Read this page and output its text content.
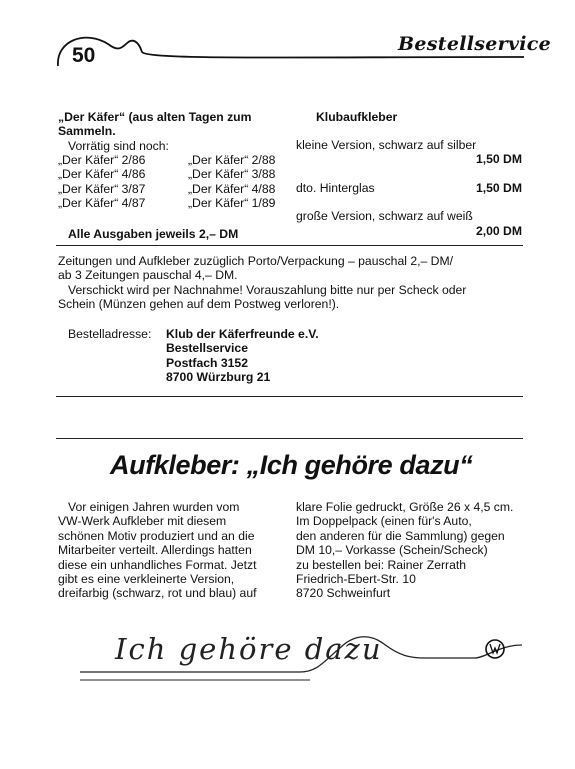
50	Bestellservice
„Der Käfer“ (aus alten Tagen zum
Sammeln.
Vorrätig sind noch:
„Der Käfer“ 2/86
„Der Käfer“ 4/86
„Der Käfer“ 3/87
„Der Käfer“ 4/87
„Der Käfer“ 2/88
„Der Käfer“ 3/88
„Der Käfer“ 4/88
„Der Käfer“ 1/89
Alle Ausgaben jeweils 2,– DM
Klubaufkleber
kleine Version, schwarz auf silber
1,50 DM
dto. Hinterglas	1,50 DM
große Version, schwarz auf weiß
2,00 DM
Zeitungen und Aufkleber zuzüglich Porto/Verpackung – pauschal 2,– DM/
ab 3 Zeitungen pauschal 4,– DM.
Verschickt wird per Nachnahme! Vorauszahlung bitte nur per Scheck oder
Schein (Münzen gehen auf dem Postweg verloren!).
Bestelladresse: Klub der Käferfreunde e.V.
Bestellservice
Postfach 3152
8700 Würzburg 21
Aufkleber: „Ich gehöre dazu“
Vor einigen Jahren wurden vom
VW-Werk Aufkleber mit diesem
schönen Motiv produziert und an die
Mitarbeiter verteilt. Allerdings hatten
diese ein unhandliches Format. Jetzt
gibt es eine verkleinerte Version,
dreifarbig (schwarz, rot und blau) auf
klare Folie gedruckt, Größe 26 x 4,5 cm.
Im Doppelpack (einen für's Auto,
den anderen für die Sammlung) gegen
DM 10,– Vorkasse (Schein/Scheck)
zu bestellen bei: Rainer Zerrath
Friedrich-Ebert-Str. 10
8720 Schweinfurt
Ich gehöre dazu
